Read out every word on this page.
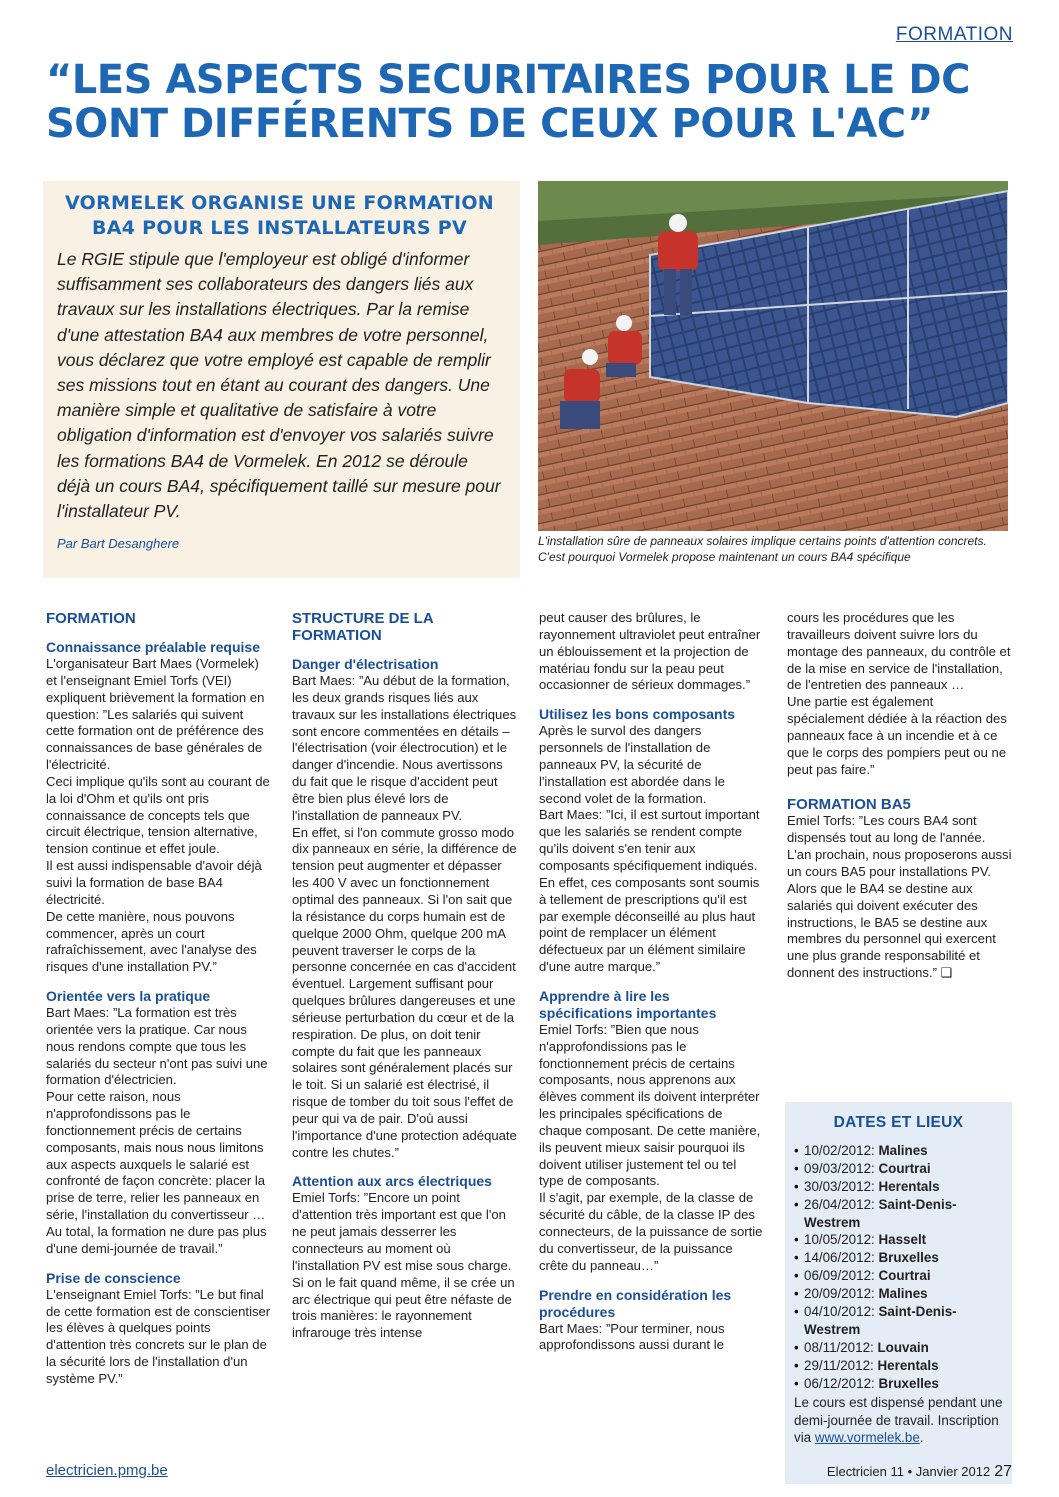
FORMATION
“LES ASPECTS SECURITAIRES POUR LE DC SONT DIFFÉRENTS DE CEUX POUR L'AC”
VORMELEK ORGANISE UNE FORMATION BA4 POUR LES INSTALLATEURS PV

Le RGIE stipule que l'employeur est obligé d'informer suffisamment ses collaborateurs des dangers liés aux travaux sur les installations électriques. Par la remise d'une attestation BA4 aux membres de votre personnel, vous déclarez que votre employé est capable de remplir ses missions tout en étant au courant des dangers. Une manière simple et qualitative de satisfaire à votre obligation d'information est d'envoyer vos salariés suivre les formations BA4 de Vormelek. En 2012 se déroule déjà un cours BA4, spécifiquement taillé sur mesure pour l'installateur PV.

Par Bart Desanghere	L'installation sûre de panneaux solaires implique certains points d'attention concrets. C'est pourquoi Vormelek propose maintenant un cours BA4 spécifique

FORMATION
Connaissance préalable requise

L'organisateur Bart Maes (Vormelek) et l'enseignant Emiel Torfs (VEI) expliquent brièvement la formation en question: ”Les salariés qui suivent cette formation ont de préférence des connaissances de base générales de l'électricité.

Ceci implique qu'ils sont au courant de la loi d'Ohm et qu'ils ont pris connaissance de concepts tels que circuit électrique, tension alternative, tension continue et effet joule.

Il est aussi indispensable d'avoir déjà suivi la formation de base BA4 électricité.

De cette manière, nous pouvons commencer, après un court rafraîchissement, avec l'analyse des risques d'une installation PV.”

Orientée vers la pratique

Bart Maes: ”La formation est très orientée vers la pratique. Car nous nous rendons compte que tous les salariés du secteur n'ont pas suivi une formation d'électricien.

Pour cette raison, nous n'approfondissons pas le fonctionnement précis de certains composants, mais nous nous limitons aux aspects auxquels le salarié est confronté de façon concrète: placer la prise de terre, relier les panneaux en série, l'installation du convertisseur …

Au total, la formation ne dure pas plus d'une demi-journée de travail.”

Prise de conscience

L'enseignant Emiel Torfs: ”Le but final de cette formation est de conscientiser les élèves à quelques points d'attention très concrets sur le plan de la sécurité lors de l'installation d'un système PV.”

STRUCTURE DE LA FORMATION
Danger d'électrisation

Bart Maes: ”Au début de la formation, les deux grands risques liés aux travaux sur les installations électriques sont encore commentées en détails – l'électrisation (voir électrocution) et le danger d'incendie. Nous avertissons du fait que le risque d'accident peut être bien plus élevé lors de l'installation de panneaux PV.

En effet, si l'on commute grosso modo dix panneaux en série, la différence de tension peut augmenter et dépasser les 400 V avec un fonctionnement optimal des panneaux. Si l'on sait que la résistance du corps humain est de quelque 2000 Ohm, quelque 200 mA peuvent traverser le corps de la personne concernée en cas d'accident éventuel. Largement suffisant pour quelques brûlures dangereuses et une sérieuse perturbation du cœur et de la respiration. De plus, on doit tenir compte du fait que les panneaux solaires sont généralement placés sur le toit. Si un salarié est électrisé, il risque de tomber du toit sous l'effet de peur qui va de pair. D'où aussi l'importance d'une protection adéquate contre les chutes.”

Attention aux arcs électriques

Emiel Torfs: ”Encore un point d'attention très important est que l'on ne peut jamais desserrer les connecteurs au moment où l'installation PV est mise sous charge. Si on le fait quand même, il se crée un arc électrique qui peut être néfaste de trois manières: le rayonnement infrarouge très intense

peut causer des brûlures, le rayonnement ultraviolet peut entraîner un éblouissement et la projection de matériau fondu sur la peau peut occasionner de sérieux dommages.”

Utilisez les bons composants

Après le survol des dangers personnels de l'installation de panneaux PV, la sécurité de l'installation est abordée dans le second volet de la formation.

Bart Maes: ”Ici, il est surtout important que les salariés se rendent compte qu'ils doivent s'en tenir aux composants spécifiquement indiqués.

En effet, ces composants sont soumis à tellement de prescriptions qu'il est par exemple déconseillé au plus haut point de remplacer un élément défectueux par un élément similaire d'une autre marque.”

Apprendre à lire les spécifications importantes

Emiel Torfs: ”Bien que nous n'approfondissions pas le fonctionnement précis de certains composants, nous apprenons aux élèves comment ils doivent interpréter les principales spécifications de chaque composant. De cette manière, ils peuvent mieux saisir pourquoi ils doivent utiliser justement tel ou tel type de composants.

Il s'agit, par exemple, de la classe de sécurité du câble, de la classe IP des connecteurs, de la puissance de sortie du convertisseur, de la puissance crête du panneau…”

Prendre en considération les procédures

Bart Maes: ”Pour terminer, nous approfondissons aussi durant le

cours les procédures que les travailleurs doivent suivre lors du montage des panneaux, du contrôle et de la mise en service de l'installation, de l'entretien des panneaux …

Une partie est également spécialement dédiée à la réaction des panneaux face à un incendie et à ce que le corps des pompiers peut ou ne peut pas faire.”

FORMATION BA5

Emiel Torfs: ”Les cours BA4 sont dispensés tout au long de l'année. L'an prochain, nous proposerons aussi un cours BA5 pour installations PV. Alors que le BA4 se destine aux salariés qui doivent exécuter des instructions, le BA5 se destine aux membres du personnel qui exercent une plus grande responsabilité et donnent des instructions.” ❑

DATES ET LIEUX
• 10/02/2012: Malines
• 09/03/2012: Courtrai
• 30/03/2012: Herentals
• 26/04/2012: Saint-Denis-Westrem
• 10/05/2012: Hasselt
• 14/06/2012: Bruxelles
• 06/09/2012: Courtrai
• 20/09/2012: Malines
• 04/10/2012: Saint-Denis-Westrem
• 08/11/2012: Louvain
• 29/11/2012: Herentals
• 06/12/2012: Bruxelles
Le cours est dispensé pendant une demi-journée de travail. Inscription via www.vormelek.be.
electricien.pmg.be	Electricien 11 • Janvier 2012 27
